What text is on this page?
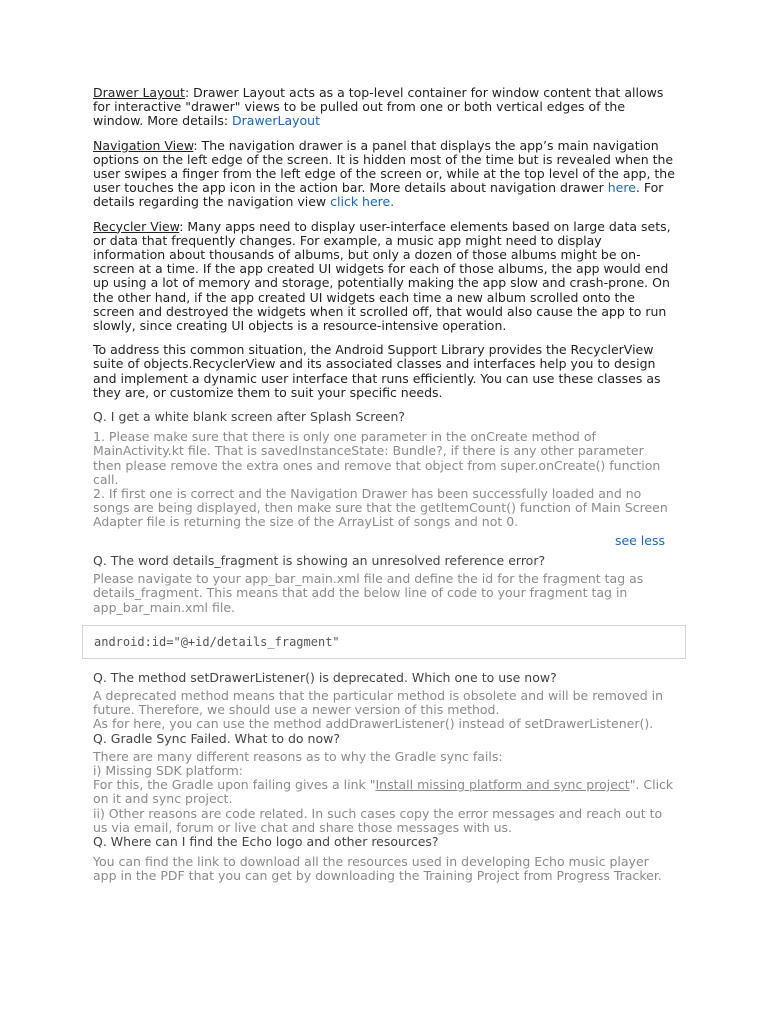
Drawer Layout: Drawer Layout acts as a top-level container for window content that allows for interactive "drawer" views to be pulled out from one or both vertical edges of the window. More details: DrawerLayout

Navigation View: The navigation drawer is a panel that displays the app’s main navigation options on the left edge of the screen. It is hidden most of the time but is revealed when the user swipes a finger from the left edge of the screen or, while at the top level of the app, the user touches the app icon in the action bar. More details about navigation drawer here. For details regarding the navigation view click here.

Recycler View: Many apps need to display user-interface elements based on large data sets, or data that frequently changes. For example, a music app might need to display information about thousands of albums, but only a dozen of those albums might be on-screen at a time. If the app created UI widgets for each of those albums, the app would end up using a lot of memory and storage, potentially making the app slow and crash-prone. On the other hand, if the app created UI widgets each time a new album scrolled onto the screen and destroyed the widgets when it scrolled off, that would also cause the app to run slowly, since creating UI objects is a resource-intensive operation.

To address this common situation, the Android Support Library provides the RecyclerView suite of objects.RecyclerView and its associated classes and interfaces help you to design and implement a dynamic user interface that runs efficiently. You can use these classes as they are, or customize them to suit your specific needs.

Q. I get a white blank screen after Splash Screen?

1. Please make sure that there is only one parameter in the onCreate method of MainActivity.kt file. That is savedInstanceState: Bundle?, if there is any other parameter then please remove the extra ones and remove that object from super.onCreate() function call.

2. If first one is correct and the Navigation Drawer has been successfully loaded and no songs are being displayed, then make sure that the getItemCount() function of Main Screen Adapter file is returning the size of the ArrayList of songs and not 0.

see less

Q. The word details_fragment is showing an unresolved reference error?

Please navigate to your app_bar_main.xml file and define the id for the fragment tag as details_fragment. This means that add the below line of code to your fragment tag in app_bar_main.xml file.

android:id="@+id/details_fragment"

Q. The method setDrawerListener() is deprecated. Which one to use now?

A deprecated method means that the particular method is obsolete and will be removed in future. Therefore, we should use a newer version of this method.

As for here, you can use the method addDrawerListener() instead of setDrawerListener().

Q. Gradle Sync Failed. What to do now?

There are many different reasons as to why the Gradle sync fails:

i) Missing SDK platform:

For this, the Gradle upon failing gives a link "Install missing platform and sync project". Click on it and sync project.

ii) Other reasons are code related. In such cases copy the error messages and reach out to us via email, forum or live chat and share those messages with us.

Q. Where can I find the Echo logo and other resources?

You can find the link to download all the resources used in developing Echo music player app in the PDF that you can get by downloading the Training Project from Progress Tracker.
